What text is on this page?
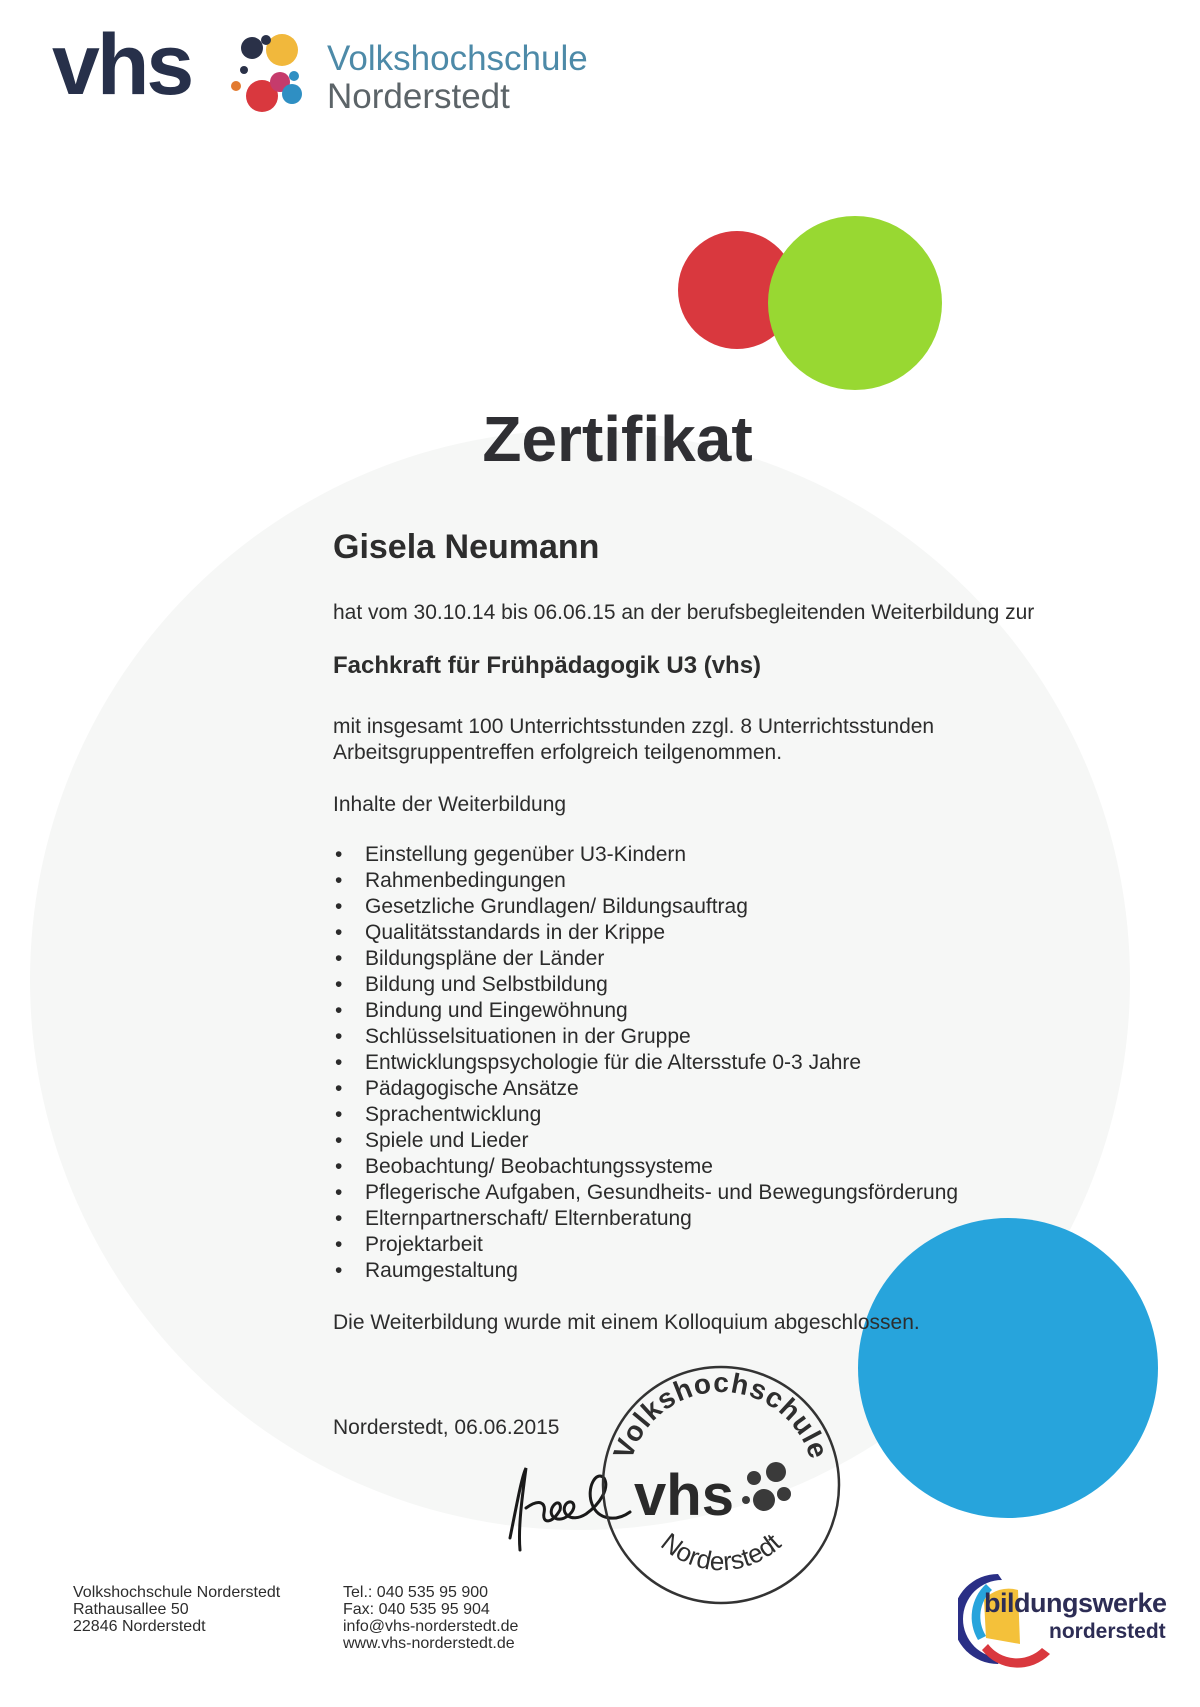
vhs	Volkshochschule
Norderstedt
Zertifikat
Gisela Neumann
hat vom 30.10.14 bis 06.06.15 an der berufsbegleitenden Weiterbildung zur
Fachkraft für Frühpädagogik U3 (vhs)
mit insgesamt 100 Unterrichtsstunden zzgl. 8 Unterrichtsstunden
Arbeitsgruppentreffen erfolgreich teilgenommen.
Inhalte der Weiterbildung
• Einstellung gegenüber U3-Kindern
• Rahmenbedingungen
• Gesetzliche Grundlagen/ Bildungsauftrag
• Qualitätsstandards in der Krippe
• Bildungspläne der Länder
• Bildung und Selbstbildung
• Bindung und Eingewöhnung
• Schlüsselsituationen in der Gruppe
• Entwicklungspsychologie für die Altersstufe 0-3 Jahre
• Pädagogische Ansätze
• Sprachentwicklung
• Spiele und Lieder
• Beobachtung/ Beobachtungssysteme
• Pflegerische Aufgaben, Gesundheits- und Bewegungsförderung
• Elternpartnerschaft/ Elternberatung
• Projektarbeit
• Raumgestaltung
Die Weiterbildung wurde mit einem Kolloquium abgeschlossen.
Norderstedt, 06.06.2015
Volkshochschule
vhs
Norderstedt
Volkshochschule Norderstedt
Rathausallee 50
22846 Norderstedt
Tel.: 040 535 95 900
Fax: 040 535 95 904
info@vhs-norderstedt.de
www.vhs-norderstedt.de
bildungswerke
norderstedt
